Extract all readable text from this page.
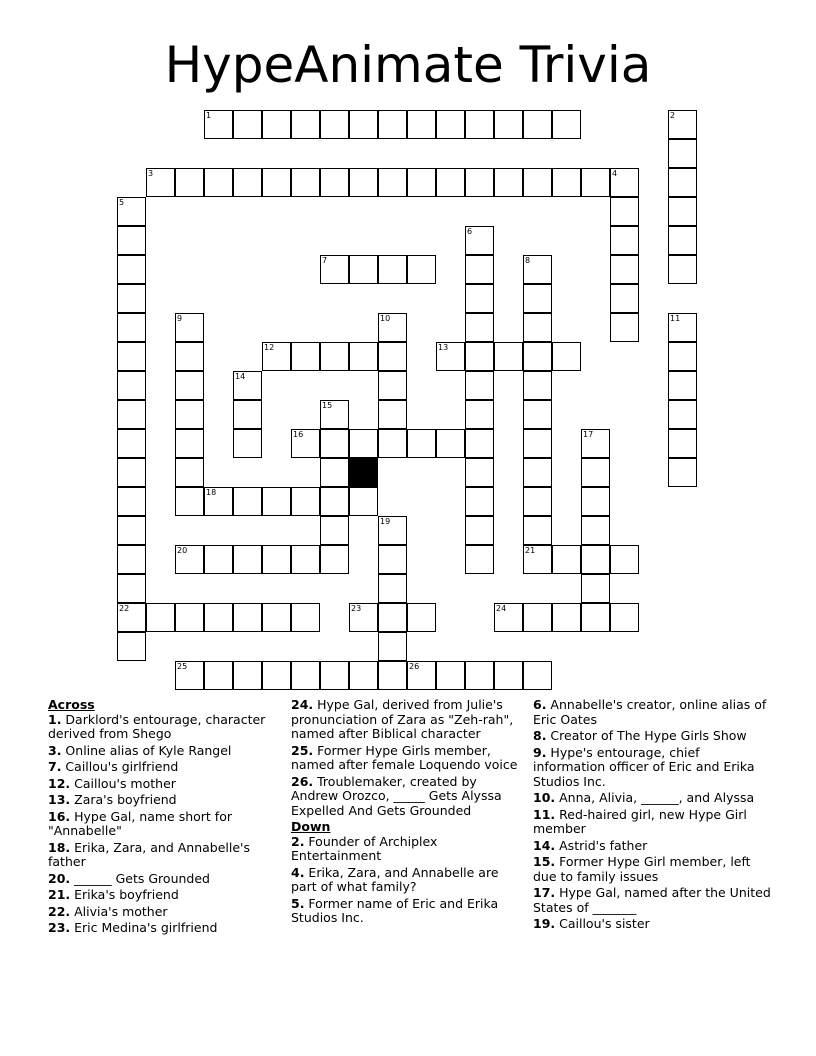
HypeAnimate Trivia
1	2
3	4
5
22
6
7	8
21
9	10	11
12	13
14
15
16	17
18
19
20
23	24
25	26
Across
1. Darklord's entourage, character derived from Shego
3. Online alias of Kyle Rangel
7. Caillou's girlfriend
12. Caillou's mother
13. Zara's boyfriend
16. Hype Gal, name short for "Annabelle"
18. Erika, Zara, and Annabelle's father
20. ______ Gets Grounded
21. Erika's boyfriend
22. Alivia's mother
23. Eric Medina's girlfriend
24. Hype Gal, derived from Julie's pronunciation of Zara as "Zeh-rah", named after Biblical character
25. Former Hype Girls member, named after female Loquendo voice
26. Troublemaker, created by Andrew Orozco, _____ Gets Alyssa Expelled And Gets Grounded
Down
2. Founder of Archiplex Entertainment
4. Erika, Zara, and Annabelle are part of what family?
5. Former name of Eric and Erika Studios Inc.
6. Annabelle's creator, online alias of Eric Oates
8. Creator of The Hype Girls Show
9. Hype's entourage, chief information officer of Eric and Erika Studios Inc.
10. Anna, Alivia, ______, and Alyssa
11. Red-haired girl, new Hype Girl member
14. Astrid's father
15. Former Hype Girl member, left due to family issues
17. Hype Gal, named after the United States of _______
19. Caillou's sister
